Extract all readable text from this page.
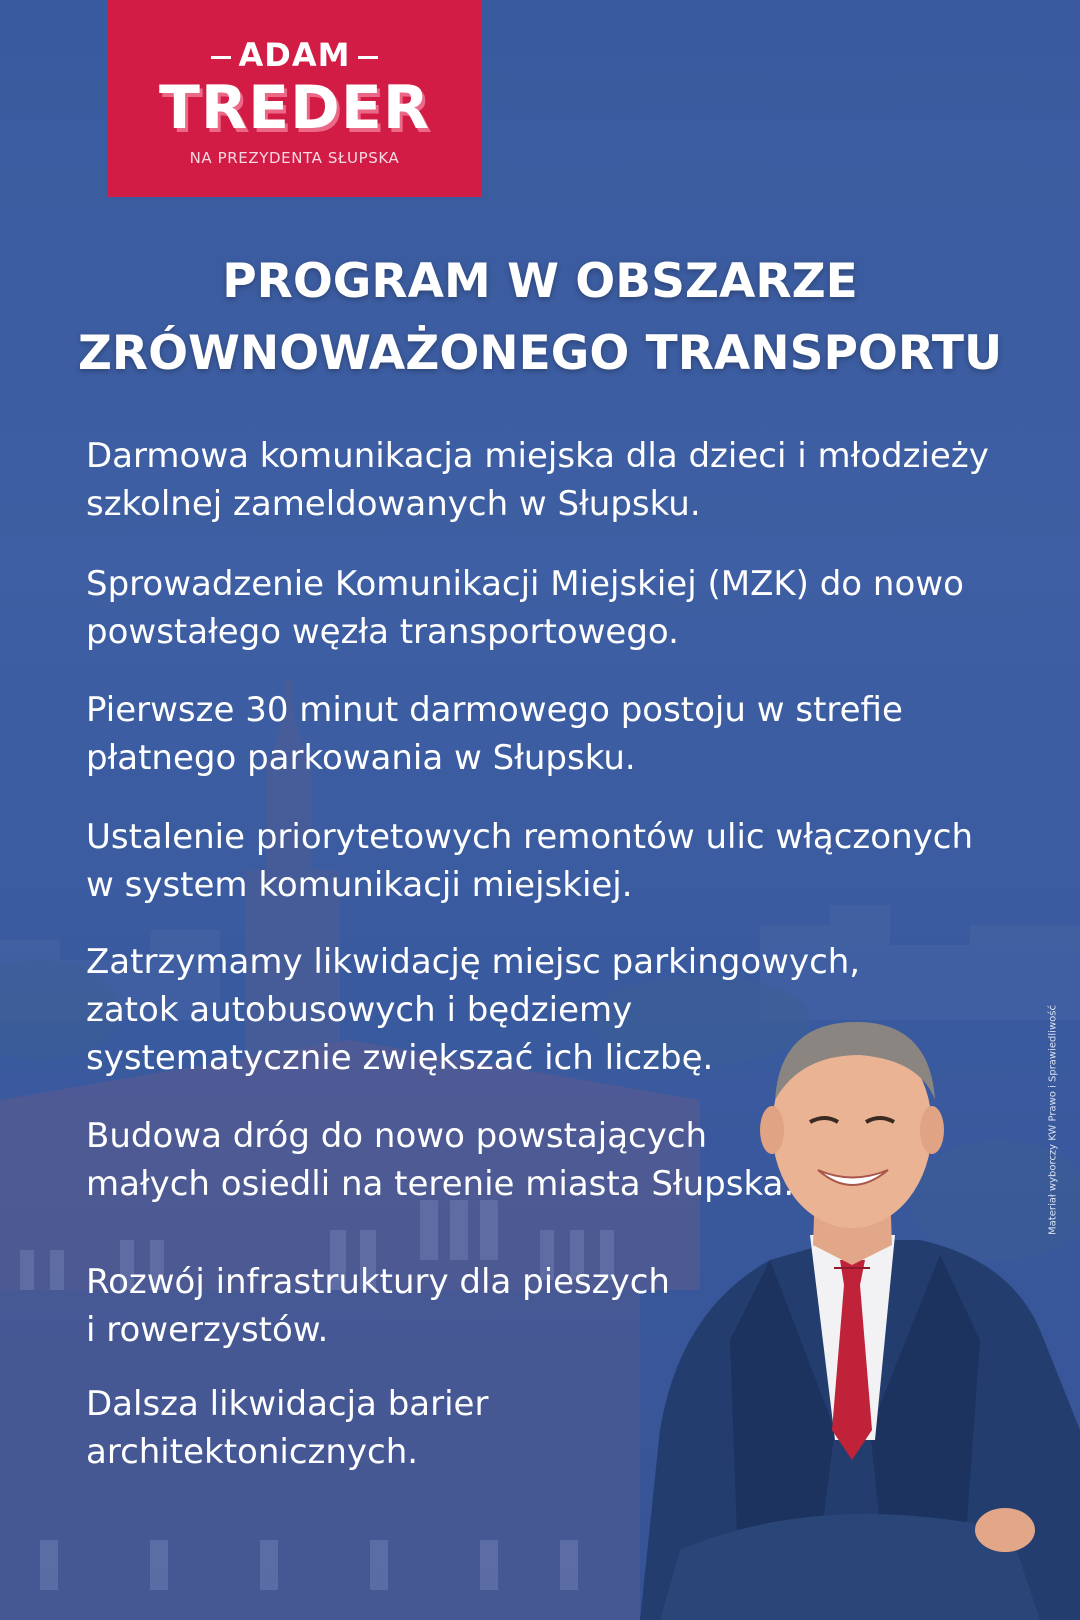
ADAM
TREDER
NA PREZYDENTA SŁUPSKA
PROGRAM W OBSZARZE
ZRÓWNOWAŻONEGO TRANSPORTU
Darmowa komunikacja miejska dla dzieci i młodzieży
szkolnej zameldowanych w Słupsku.
Sprowadzenie Komunikacji Miejskiej (MZK) do nowo
powstałego węzła transportowego.
Pierwsze 30 minut darmowego postoju w strefie
płatnego parkowania w Słupsku.
Ustalenie priorytetowych remontów ulic włączonych
w system komunikacji miejskiej.
Zatrzymamy likwidację miejsc parkingowych,
zatok autobusowych i będziemy
systematycznie zwiększać ich liczbę.
Budowa dróg do nowo powstających
małych osiedli na terenie miasta Słupska.
Rozwój infrastruktury dla pieszych
i rowerzystów.
Dalsza likwidacja barier
architektonicznych.
Materiał wyborczy KW Prawo i Sprawiedliwość
